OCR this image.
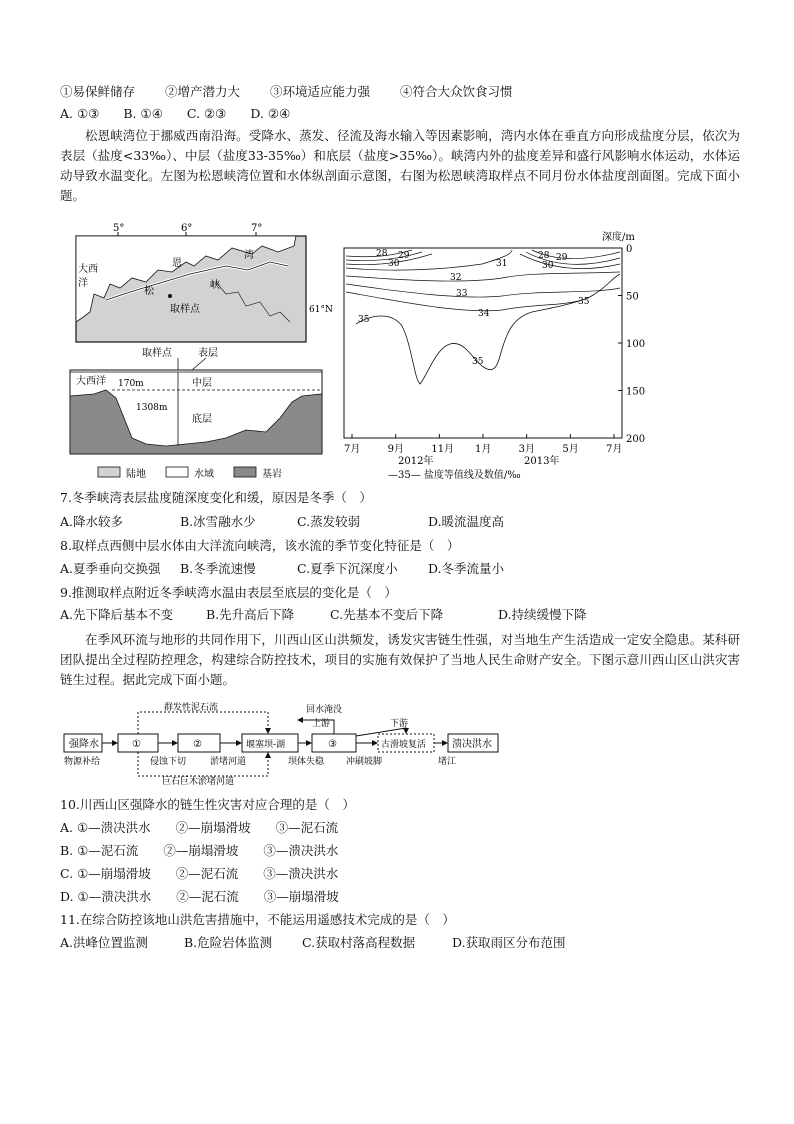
①易保鲜储存 ②增产潜力大 ③环境适应能力强 ④符合大众饮食习惯
A. ①③ B. ①④ C. ②③ D. ②④
松恩峡湾位于挪威西南沿海。受降水、蒸发、径流及海水输入等因素影响，湾内水体在垂直方向形成盐度分层，依次为表层（盐度<33‰）、中层（盐度33-35‰）和底层（盐度>35‰）。峡湾内外的盐度差异和盛行风影响水体运动，水体运动导致水温变化。左图为松恩峡湾位置和水体纵剖面示意图，右图为松恩峡湾取样点不同月份水体盐度剖面图。完成下面小题。
5°	6°	7°
61°N
大西
洋
松
恩
峡
湾
取样点
取样点	表层
大西洋 170m	中层
1308m
底层
陆地	水域	基岩
深度/m
0
50
100
150
200
7月	9月	11月 1月	3月	5月	7月
2012年	2013年
—35— 盐度等值线及数值/‰
28 29
30	31
32
33
34
35
35
35
28 29
30
7.冬季峡湾表层盐度随深度变化和缓，原因是冬季（　）
A.降水较多	B.冰雪融水少	C.蒸发较弱	D.暖流温度高
8.取样点西侧中层水体由大洋流向峡湾，该水流的季节变化特征是（　）
A.夏季垂向交换强 B.冬季流速慢	C.夏季下沉深度小 D.冬季流量小
9.推测取样点附近冬季峡湾水温由表层至底层的变化是（　）
A.先下降后基本不变	B.先升高后下降	C.先基本不变后下降	D.持续缓慢下降
在季风环流与地形的共同作用下，川西山区山洪频发，诱发灾害链生性强，对当地生产生活造成一定安全隐患。某科研团队提出全过程防控理念，构建综合防控技术，项目的实施有效保护了当地人民生命财产安全。下图示意川西山区山洪灾害链生过程。据此完成下面小题。
强降水	①	②	堰塞坝-湖	③	古滑坡复活	溃决洪水
群发性泥石流
巨石巨木淤堵河道
回水淹没
上游	下游
物源补给	侵蚀下切	淤堵河道	坝体失稳 冲刷坡脚	堵江
10.川西山区强降水的链生性灾害对应合理的是（　）
A. ①—溃决洪水　　②—崩塌滑坡　　③—泥石流
B. ①—泥石流　　②—崩塌滑坡　　③—溃决洪水
C. ①—崩塌滑坡　　②—泥石流　　③—溃决洪水
D. ①—溃决洪水　　②—泥石流　　③—崩塌滑坡
11.在综合防控该地山洪危害措施中，不能运用遥感技术完成的是（　）
A.洪峰位置监测	B.危险岩体监测 C.获取村落高程数据	D.获取雨区分布范围
